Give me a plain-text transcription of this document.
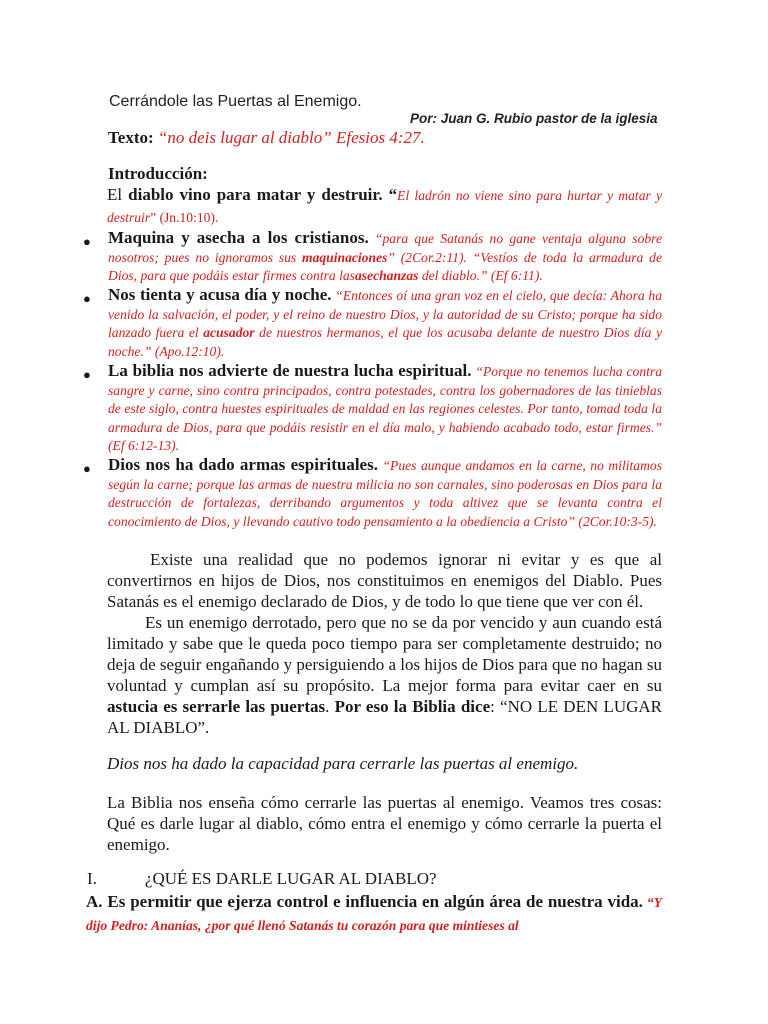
Cerrándole las Puertas al Enemigo.
Por: Juan G. Rubio pastor de la iglesia
Texto: “no deis lugar al diablo” Efesios 4:27.
Introducción:
El diablo vino para matar y destruir. “El ladrón no viene sino para hurtar y matar y destruir” (Jn.10:10).
● Maquina y asecha a los cristianos. “para que Satanás no gane ventaja alguna sobre nosotros; pues no ignoramos sus maquinaciones” (2Cor.2:11). “Vestíos de toda la armadura de Dios, para que podáis estar firmes contra lasasechanzas del diablo.” (Ef 6:11).
● Nos tienta y acusa día y noche. “Entonces oí una gran voz en el cielo, que decía: Ahora ha venido la salvación, el poder, y el reino de nuestro Dios, y la autoridad de su Cristo; porque ha sido lanzado fuera el acusador de nuestros hermanos, el que los acusaba delante de nuestro Dios día y noche.” (Apo.12:10).
● La biblia nos advierte de nuestra lucha espiritual. “Porque no tenemos lucha contra sangre y carne, sino contra principados, contra potestades, contra los gobernadores de las tinieblas de este siglo, contra huestes espirituales de maldad en las regiones celestes. Por tanto, tomad toda la armadura de Dios, para que podáis resistir en el día malo, y habiendo acabado todo, estar firmes.” (Ef 6:12-13).
● Dios nos ha dado armas espirituales. “Pues aunque andamos en la carne, no militamos según la carne; porque las armas de nuestra milicia no son carnales, sino poderosas en Dios para la destrucción de fortalezas, derribando argumentos y toda altivez que se levanta contra el conocimiento de Dios, y llevando cautivo todo pensamiento a la obediencia a Cristo” (2Cor.10:3-5).
Existe una realidad que no podemos ignorar ni evitar y es que al convertirnos en hijos de Dios, nos constituimos en enemigos del Diablo. Pues Satanás es el enemigo declarado de Dios, y de todo lo que tiene que ver con él.
Es un enemigo derrotado, pero que no se da por vencido y aun cuando está limitado y sabe que le queda poco tiempo para ser completamente destruido; no deja de seguir engañando y persiguiendo a los hijos de Dios para que no hagan su voluntad y cumplan así su propósito. La mejor forma para evitar caer en su astucia es serrarle las puertas. Por eso la Biblia dice: “NO LE DEN LUGAR AL DIABLO”.
Dios nos ha dado la capacidad para cerrarle las puertas al enemigo.
La Biblia nos enseña cómo cerrarle las puertas al enemigo. Veamos tres cosas: Qué es darle lugar al diablo, cómo entra el enemigo y cómo cerrarle la puerta el enemigo.
I.	¿QUÉ ES DARLE LUGAR AL DIABLO?
A. Es permitir que ejerza control e influencia en algún área de nuestra vida. “Y dijo Pedro: Ananías, ¿por qué llenó Satanás tu corazón para que mintieses al
